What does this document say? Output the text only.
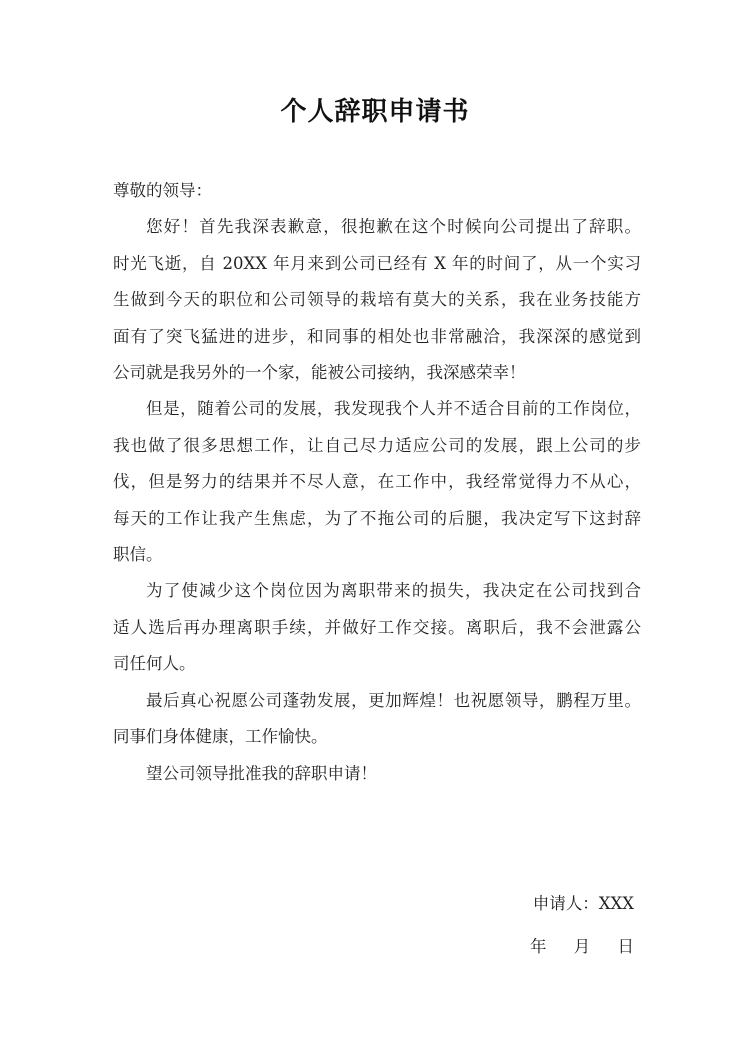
个人辞职申请书

尊敬的领导：

您好！首先我深表歉意，很抱歉在这个时候向公司提出了辞职。
时光飞逝，自 20XX 年月来到公司已经有 X 年的时间了，从一个实习
生做到今天的职位和公司领导的栽培有莫大的关系，我在业务技能方
面有了突飞猛进的进步，和同事的相处也非常融洽，我深深的感觉到
公司就是我另外的一个家，能被公司接纳，我深感荣幸！
但是，随着公司的发展，我发现我个人并不适合目前的工作岗位，
我也做了很多思想工作，让自己尽力适应公司的发展，跟上公司的步
伐，但是努力的结果并不尽人意，在工作中，我经常觉得力不从心，
每天的工作让我产生焦虑，为了不拖公司的后腿，我决定写下这封辞
职信。
为了使减少这个岗位因为离职带来的损失，我决定在公司找到合
适人选后再办理离职手续，并做好工作交接。离职后，我不会泄露公
司任何人。
最后真心祝愿公司蓬勃发展，更加辉煌！也祝愿领导，鹏程万里。
同事们身体健康，工作愉快。
望公司领导批准我的辞职申请！
申请人：XXX
年 月 日
